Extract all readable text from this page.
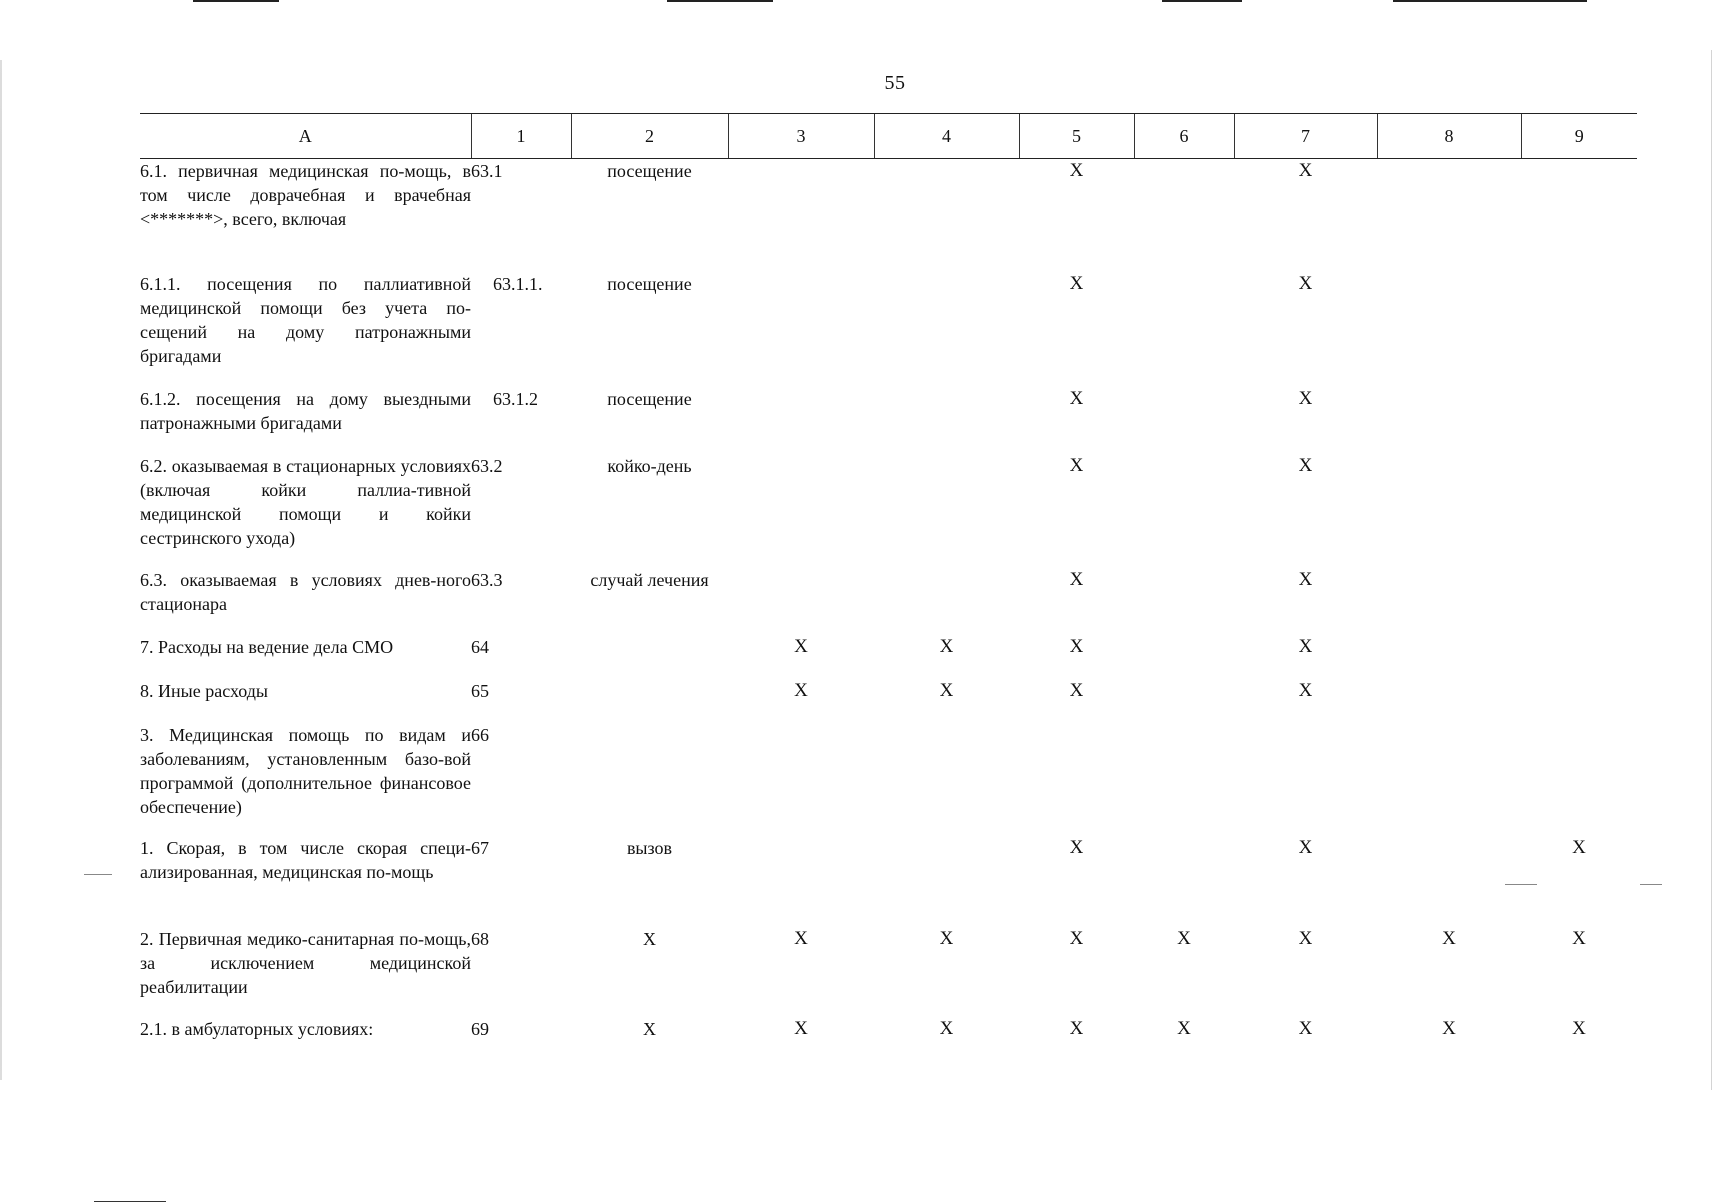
55
А	1	2	3	4	5	6	7	8	9
6.1. первичная медицинская по-мощь, в том числе доврачебная и врачебная <*******>, всего, включая	63.1	посещение			X		X		
6.1.1. посещения по паллиативной медицинской помощи без учета по-сещений на дому патронажными бригадами	63.1.1.	посещение			X		X		
6.1.2. посещения на дому выездными патронажными бригадами	63.1.2	посещение			X		X		
6.2. оказываемая в стационарных условиях (включая койки паллиа-тивной медицинской помощи и койки сестринского ухода)	63.2	койко-день			X		X		
6.3. оказываемая в условиях днев-ного стационара	63.3	случай лечения			X		X		
7. Расходы на ведение дела СМО	64		X	X	X		X		
8. Иные расходы	65		X	X	X		X		
3. Медицинская помощь по видам и заболеваниям, установленным базо-вой программой (дополнительное финансовое обеспечение)	66								
1. Скорая, в том числе скорая специ-ализированная, медицинская по-мощь	67	вызов			X		X		X
2. Первичная медико-санитарная по-мощь, за исключением медицинской реабилитации	68	X	X	X	X	X	X	X	X
2.1. в амбулаторных условиях:	69	X	X	X	X	X	X	X	X
